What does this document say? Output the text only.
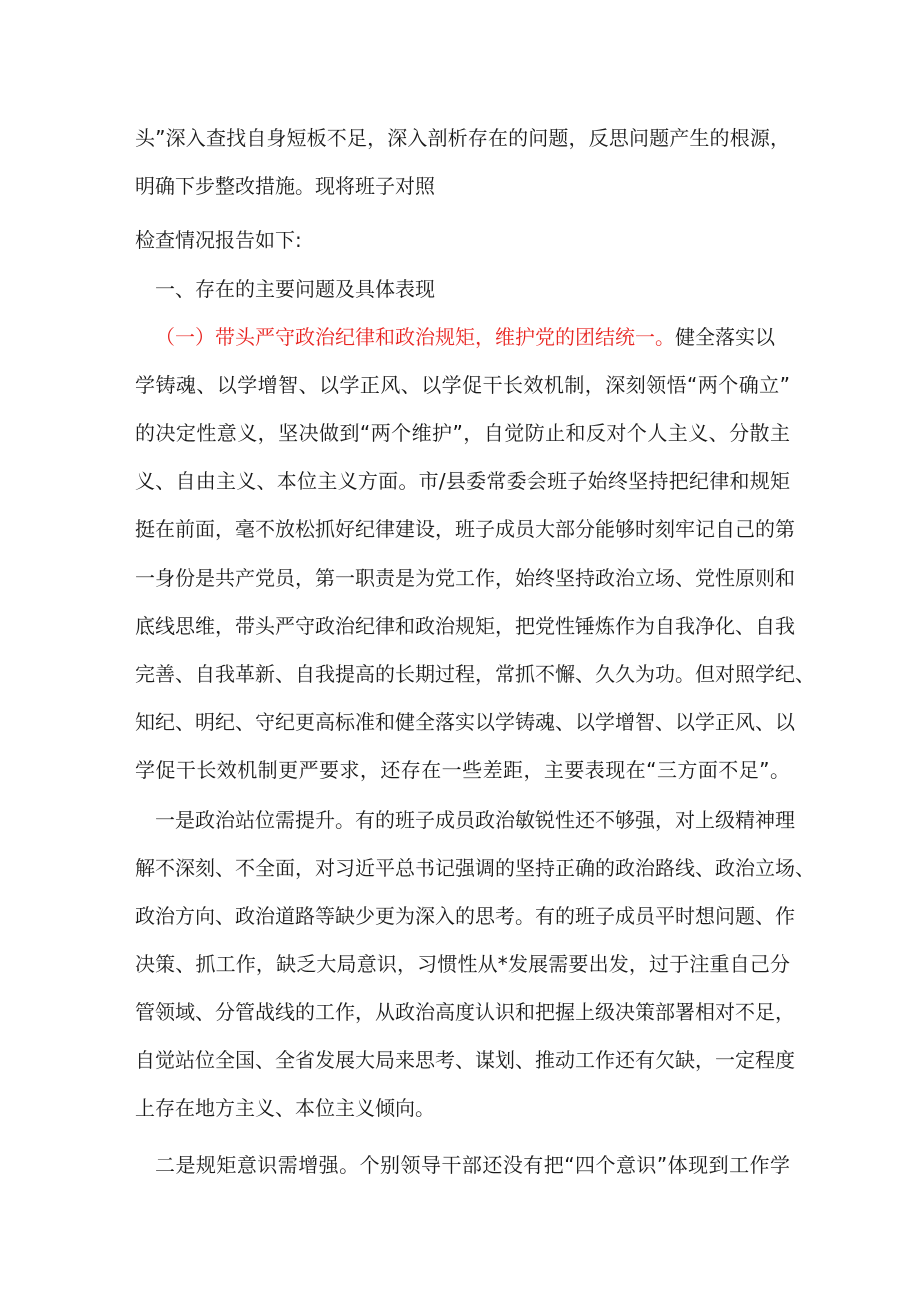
头”深入查找自身短板不足，深入剖析存在的问题，反思问题产生的根源，
明确下步整改措施。现将班子对照
检查情况报告如下:
一、存在的主要问题及具体表现
（一）带头严守政治纪律和政治规矩，维护党的团结统一。健全落实以
学铸魂、以学增智、以学正风、以学促干长效机制，深刻领悟“两个确立”
的决定性意义，坚决做到“两个维护”，自觉防止和反对个人主义、分散主
义、自由主义、本位主义方面。市/县委常委会班子始终坚持把纪律和规矩
挺在前面，毫不放松抓好纪律建设，班子成员大部分能够时刻牢记自己的第
一身份是共产党员，第一职责是为党工作，始终坚持政治立场、党性原则和
底线思维，带头严守政治纪律和政治规矩，把党性锤炼作为自我净化、自我
完善、自我革新、自我提高的长期过程，常抓不懈、久久为功。但对照学纪、
知纪、明纪、守纪更高标准和健全落实以学铸魂、以学增智、以学正风、以
学促干长效机制更严要求，还存在一些差距，主要表现在“三方面不足”。
一是政治站位需提升。有的班子成员政治敏锐性还不够强，对上级精神理
解不深刻、不全面，对习近平总书记强调的坚持正确的政治路线、政治立场、
政治方向、政治道路等缺少更为深入的思考。有的班子成员平时想问题、作
决策、抓工作，缺乏大局意识，习惯性从*发展需要出发，过于注重自己分
管领域、分管战线的工作，从政治高度认识和把握上级决策部署相对不足，
自觉站位全国、全省发展大局来思考、谋划、推动工作还有欠缺，一定程度
上存在地方主义、本位主义倾向。
二是规矩意识需增强。个别领导干部还没有把“四个意识”体现到工作学
